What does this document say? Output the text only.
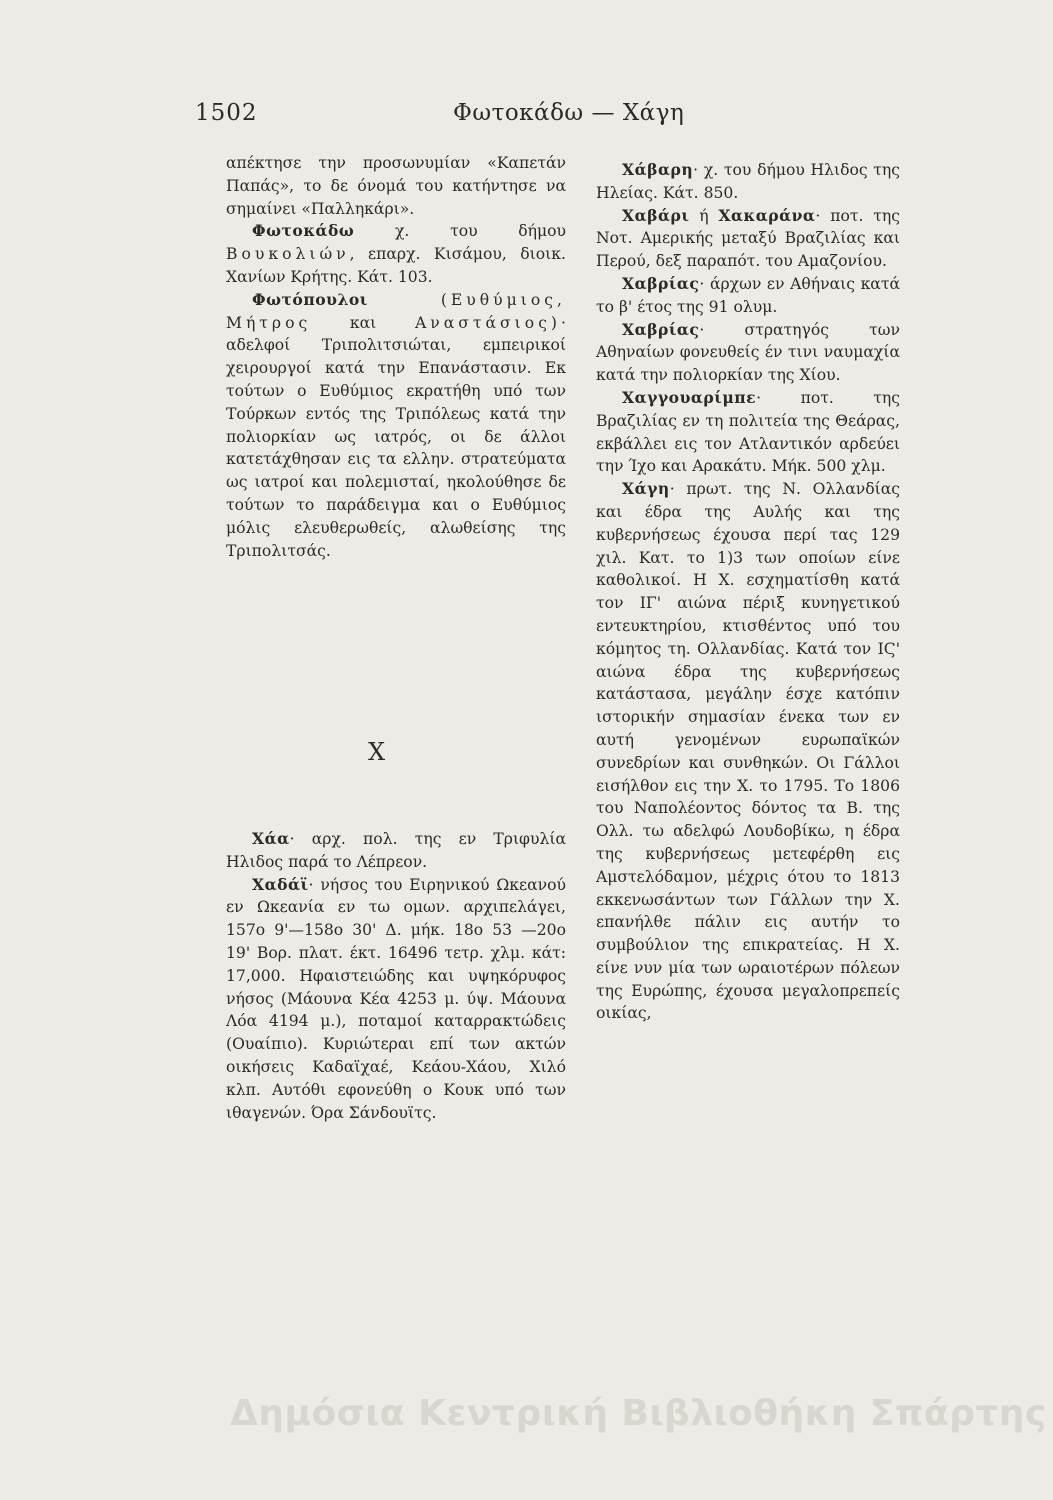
1502	Φωτοκάδω — Χάγη

απέκτησε την προσωνυμίαν «Καπετάν Παπάς», το δε όνομά του κατήντησε να σημαίνει «Παλληκάρι».

Φωτοκάδω	χ. του δήμου Βουκολιών, επαρχ. Κισάμου, διοικ. Χανίων Κρήτης. Κάτ. 103.

Φωτόπουλοι	(Ευθύμιος, Μήτρος και Αναστάσιος)· αδελφοί Τριπολιτσιώται, εμπειρικοί χειρουργοί κατά την Επανάστασιν. Εκ τούτων ο Ευθύμιος εκρατήθη υπό των Τούρκων εντός της Τριπόλεως κατά την πολιορκίαν ως ιατρός, οι δε άλλοι κατετάχθησαν εις τα ελλην. στρατεύματα ως ιατροί και πολεμισταί, ηκολούθησε δε τούτων το παράδειγμα και ο Ευθύμιος μόλις ελευθερωθείς, αλωθείσης της Τριπολιτσάς.

Χ

Χάα· αρχ. πολ. της εν Τριφυλία Ηλιδος παρά το Λέπρεον.

Χαδάϊ· νήσος του Ειρηνικού Ωκεανού εν Ωκεανία εν τω ομων. αρχιπελάγει, 157ο 9'—158ο 30' Δ. μήκ. 18ο 53 —20ο 19' Βορ. πλατ. έκτ. 16496 τετρ. χλμ. κάτ: 17,000. Ηφαιστειώδης και υψηκόρυφος νήσος (Μάουνα Κέα 4253 μ. ύψ. Μάουνα Λόα 4194 μ.), ποταμοί καταρρακτώδεις (Ουαίπιο). Κυριώτεραι επί των ακτών οικήσεις Καδαϊχαέ, Κεάου-Χάου, Χιλό κλπ. Αυτόθι εφονεύθη ο Κουκ υπό των ιθαγενών. Όρα Σάνδουϊτς.

Χάβαρη· χ. του δήμου Ηλιδος της Ηλείας. Κάτ. 850.

Χαβάρι ή Χακαράνα· ποτ. της Νοτ. Αμερικής μεταξύ Βραζιλίας και Περού, δεξ παραπότ. του Αμαζονίου.

Χαβρίας· άρχων εν Αθήναις κατά το β' έτος της 91 ολυμ.

Χαβρίας· στρατηγός των Αθηναίων φονευθείς έν τινι ναυμαχία κατά την πολιορκίαν της Χίου.

Χαγγουαρίμπε· ποτ. της Βραζιλίας εν τη πολιτεία της Θεάρας, εκβάλλει εις τον Ατλαντικόν αρδεύει την Ίχο και Αρακάτυ. Μήκ. 500 χλμ.

Χάγη· πρωτ. της Ν. Ολλανδίας και έδρα της Αυλής και της κυβερνήσεως έχουσα περί τας 129 χιλ. Κατ. το 1)3 των οποίων είνε καθολικοί. Η Χ. εσχηματίσθη κατά τον ΙΓ' αιώνα πέριξ κυνηγετικού εντευκτηρίου, κτισθέντος υπό του κόμητος τη. Ολλανδίας. Κατά τον ΙϚ' αιώνα έδρα της κυβερνήσεως κατάστασα, μεγάλην έσχε κατόπιν ιστορικήν σημασίαν ένεκα των εν αυτή γενομένων ευρωπαϊκών συνεδρίων και συνθηκών. Οι Γάλλοι εισήλθον εις την Χ. το 1795. Το 1806 του Ναπολέοντος δόντος τα Β. της Ολλ. τω αδελφώ Λουδοβίκω, η έδρα της κυβερνήσεως μετεφέρθη εις Αμστελόδαμον, μέχρις ότου το 1813 εκκενωσάντων των Γάλλων την Χ. επανήλθε πάλιν εις αυτήν το συμβούλιον της επικρατείας. Η Χ. είνε νυν μία των ωραιοτέρων πόλεων της Ευρώπης, έχουσα μεγαλοπρεπείς οικίας,

Δημόσια Κεντρική Βιβλιοθήκη Σπάρτης
